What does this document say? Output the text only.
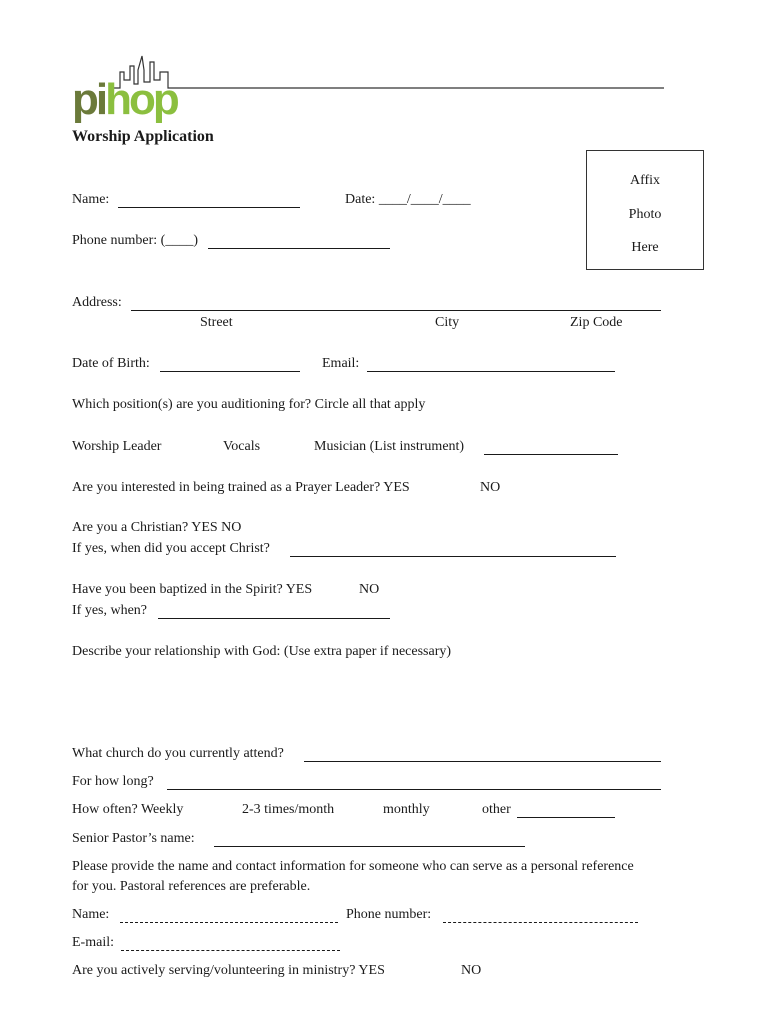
pihop
Worship Application
Affix
Photo
Here
Name:	Date: ____/____/____
Phone number: (____)
Address:
Street	City	Zip Code
Date of Birth:	Email:
Which position(s) are you auditioning for? Circle all that apply
Worship Leader	Vocals	Musician (List instrument)
Are you interested in being trained as a Prayer Leader? YES	NO
Are you a Christian? YES NO
If yes, when did you accept Christ?
Have you been baptized in the Spirit? YES	NO
If yes, when?
Describe your relationship with God: (Use extra paper if necessary)
What church do you currently attend?
For how long?
How often? Weekly	2-3 times/month	monthly	other
Senior Pastor’s name:
Please provide the name and contact information for someone who can serve as a personal reference
for you. Pastoral references are preferable.
Name:	Phone number:
E-mail:
Are you actively serving/volunteering in ministry? YES	NO
